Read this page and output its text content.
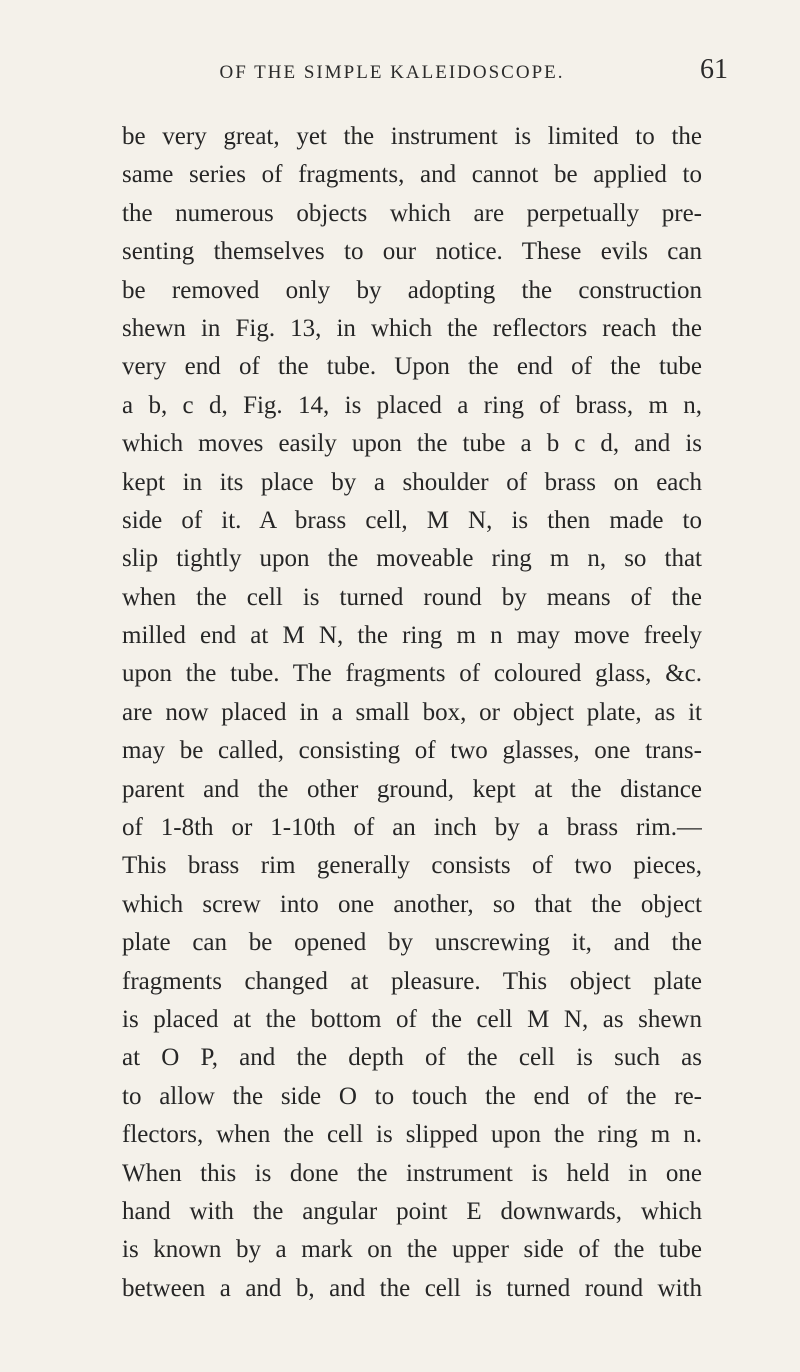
OF THE SIMPLE KALEIDOSCOPE.	61
be very great, yet the instrument is limited to the
same series of fragments, and cannot be applied to
the numerous objects which are perpetually pre-
senting themselves to our notice. These evils can
be removed only by adopting the construction
shewn in Fig. 13, in which the reflectors reach the
very end of the tube. Upon the end of the tube
a b, c d, Fig. 14, is placed a ring of brass, m n,
which moves easily upon the tube a b c d, and is
kept in its place by a shoulder of brass on each
side of it. A brass cell, M N, is then made to
slip tightly upon the moveable ring m n, so that
when the cell is turned round by means of the
milled end at M N, the ring m n may move freely
upon the tube. The fragments of coloured glass, &c.
are now placed in a small box, or object plate, as it
may be called, consisting of two glasses, one trans-
parent and the other ground, kept at the distance
of 1-8th or 1-10th of an inch by a brass rim.—
This brass rim generally consists of two pieces,
which screw into one another, so that the object
plate can be opened by unscrewing it, and the
fragments changed at pleasure. This object plate
is placed at the bottom of the cell M N, as shewn
at O P, and the depth of the cell is such as
to allow the side O to touch the end of the re-
flectors, when the cell is slipped upon the ring m n.
When this is done the instrument is held in one
hand with the angular point E downwards, which
is known by a mark on the upper side of the tube
between a and b, and the cell is turned round with
